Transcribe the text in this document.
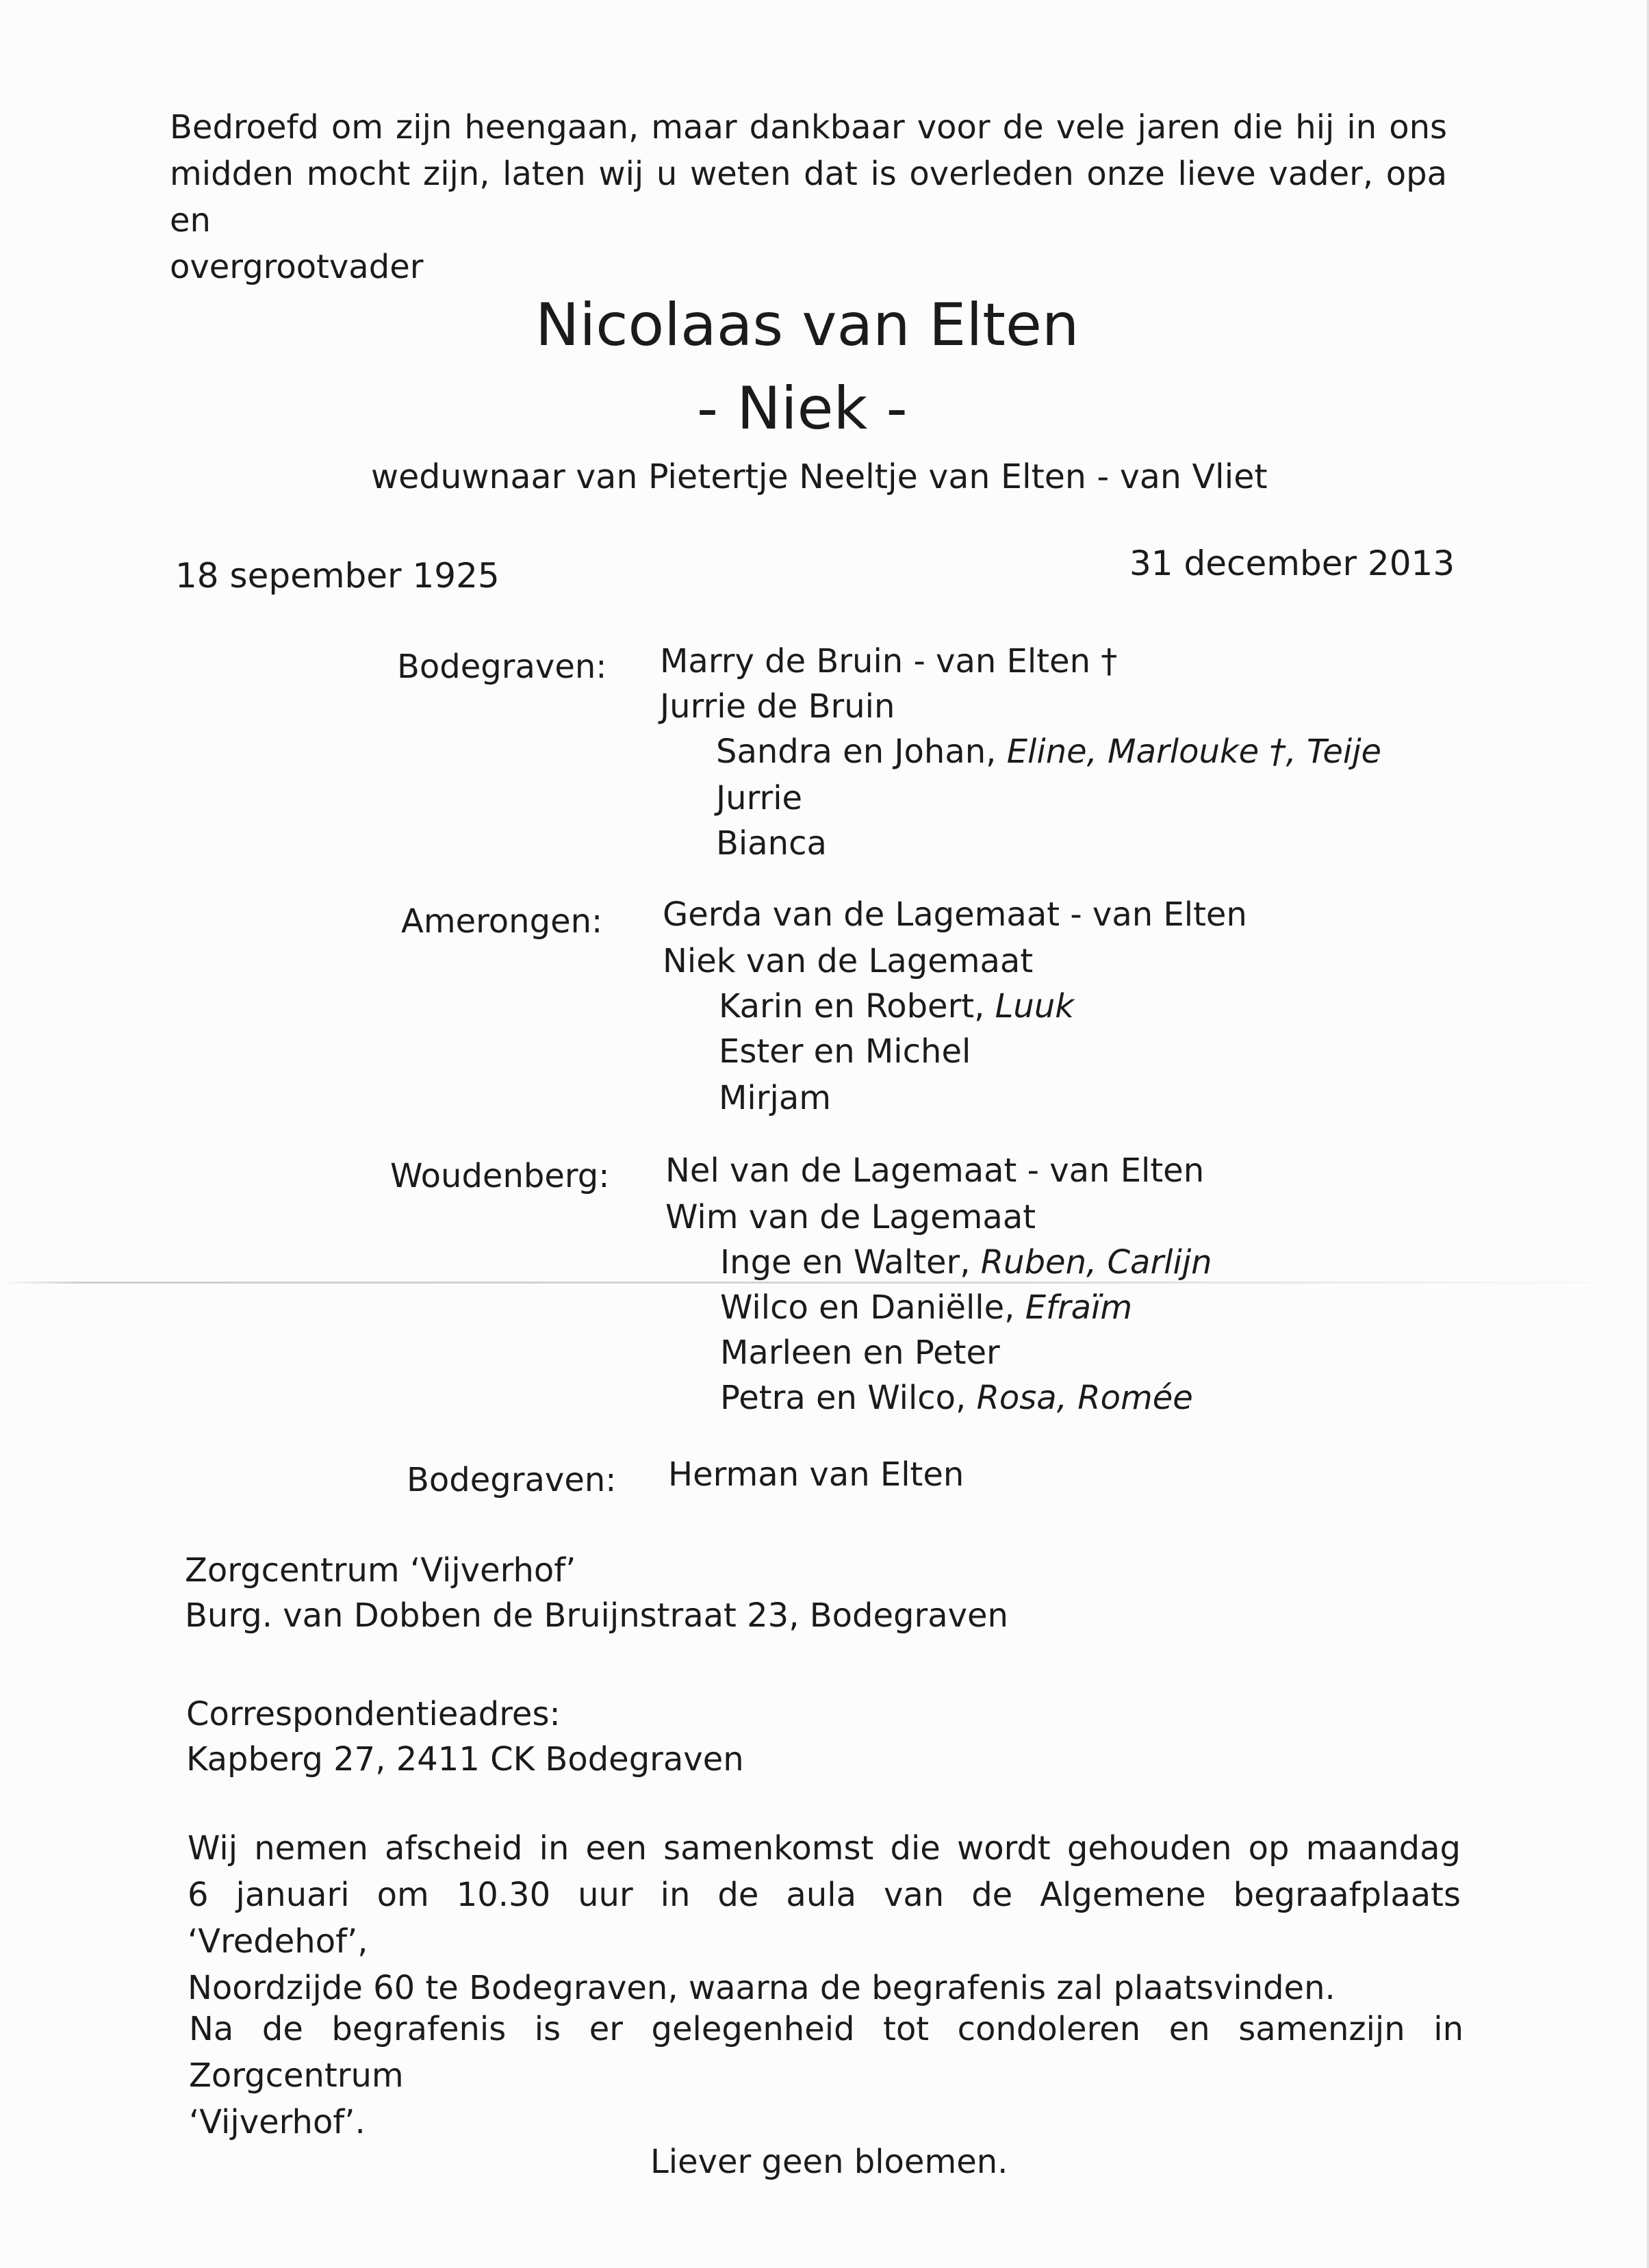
Bedroefd om zijn heengaan, maar dankbaar voor de vele jaren die hij in ons
midden mocht zijn, laten wij u weten dat is overleden onze lieve vader, opa en
overgrootvader
Nicolaas van Elten
- Niek -
weduwnaar van Pietertje Neeltje van Elten - van Vliet
18 sepember 1925	31 december 2013
Bodegraven: Marry de Bruin - van Elten †
Jurrie de Bruin
Sandra en Johan, Eline, Marlouke †, Teije
Jurrie
Bianca
Amerongen: Gerda van de Lagemaat - van Elten
Niek van de Lagemaat
Karin en Robert, Luuk
Ester en Michel
Mirjam
Woudenberg: Nel van de Lagemaat - van Elten
Wim van de Lagemaat
Inge en Walter, Ruben, Carlijn
Wilco en Daniëlle, Efraïm
Marleen en Peter
Petra en Wilco, Rosa, Romée
Bodegraven: Herman van Elten
Zorgcentrum ‘Vijverhof’
Burg. van Dobben de Bruijnstraat 23, Bodegraven
Correspondentieadres:
Kapberg 27, 2411 CK Bodegraven
Wij nemen afscheid in een samenkomst die wordt gehouden op maandag
6 januari om 10.30 uur in de aula van de Algemene begraafplaats ‘Vredehof’,
Noordzijde 60 te Bodegraven, waarna de begrafenis zal plaatsvinden.
Na de begrafenis is er gelegenheid tot condoleren en samenzijn in Zorgcentrum
‘Vijverhof’.
Liever geen bloemen.
